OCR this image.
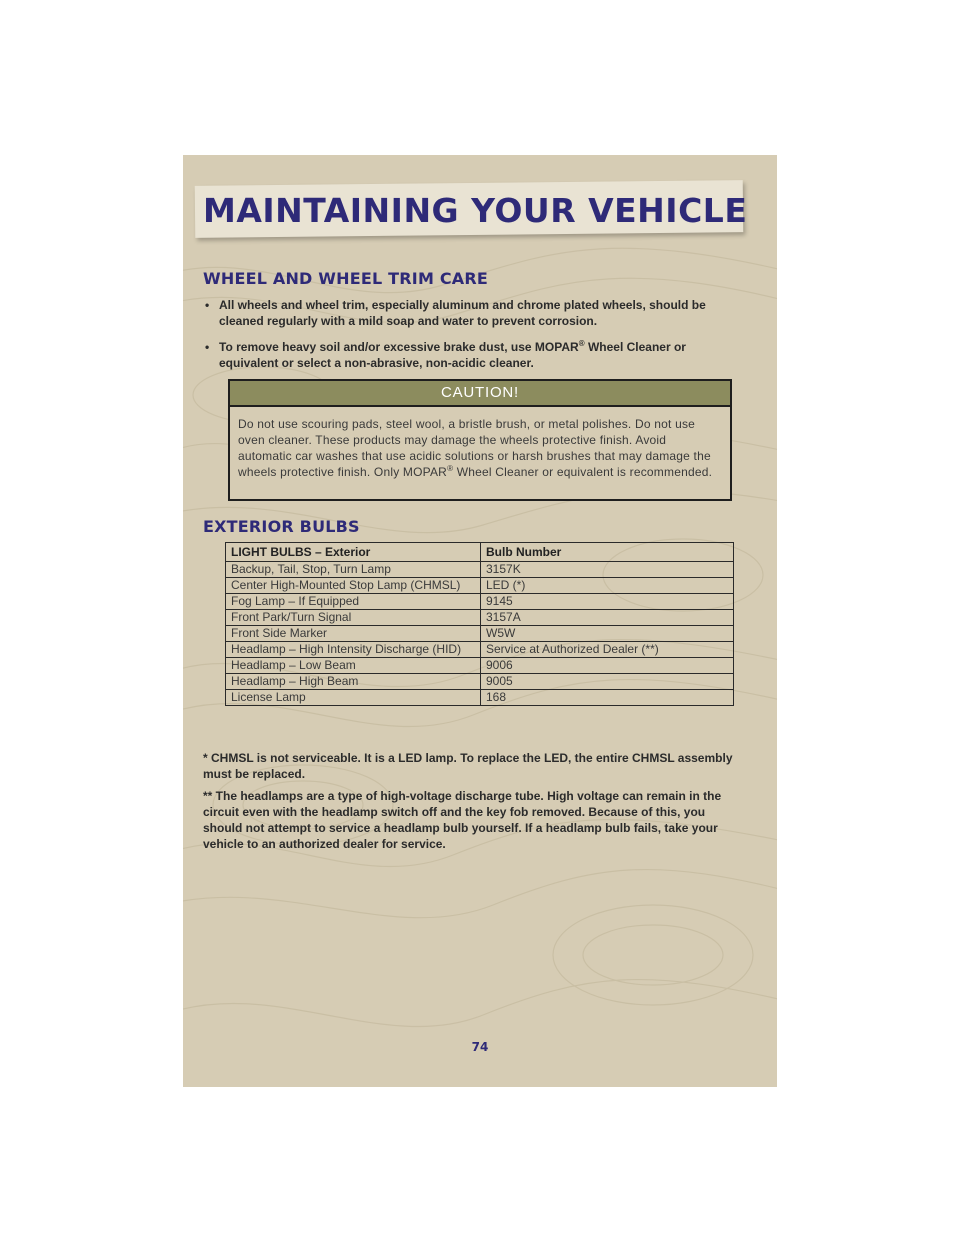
MAINTAINING YOUR VEHICLE
WHEEL AND WHEEL TRIM CARE
• All wheels and wheel trim, especially aluminum and chrome plated wheels, should be cleaned regularly with a mild soap and water to prevent corrosion.
• To remove heavy soil and/or excessive brake dust, use MOPAR® Wheel Cleaner or equivalent or select a non-abrasive, non-acidic cleaner.
CAUTION!
Do not use scouring pads, steel wool, a bristle brush, or metal polishes. Do not use oven cleaner. These products may damage the wheels protective finish. Avoid automatic car washes that use acidic solutions or harsh brushes that may damage the wheels protective finish. Only MOPAR® Wheel Cleaner or equivalent is recommended.
EXTERIOR BULBS
LIGHT BULBS – Exterior	Bulb Number
Backup, Tail, Stop, Turn Lamp	3157K
Center High-Mounted Stop Lamp (CHMSL)	LED (*)
Fog Lamp – If Equipped	9145
Front Park/Turn Signal	3157A
Front Side Marker	W5W
Headlamp – High Intensity Discharge (HID)	Service at Authorized Dealer (**)
Headlamp – Low Beam	9006
Headlamp – High Beam	9005
License Lamp	168

* CHMSL is not serviceable. It is a LED lamp. To replace the LED, the entire CHMSL assembly must be replaced.

** The headlamps are a type of high-voltage discharge tube. High voltage can remain in the circuit even with the headlamp switch off and the key fob removed. Because of this, you should not attempt to service a headlamp bulb yourself. If a headlamp bulb fails, take your vehicle to an authorized dealer for service.

74
